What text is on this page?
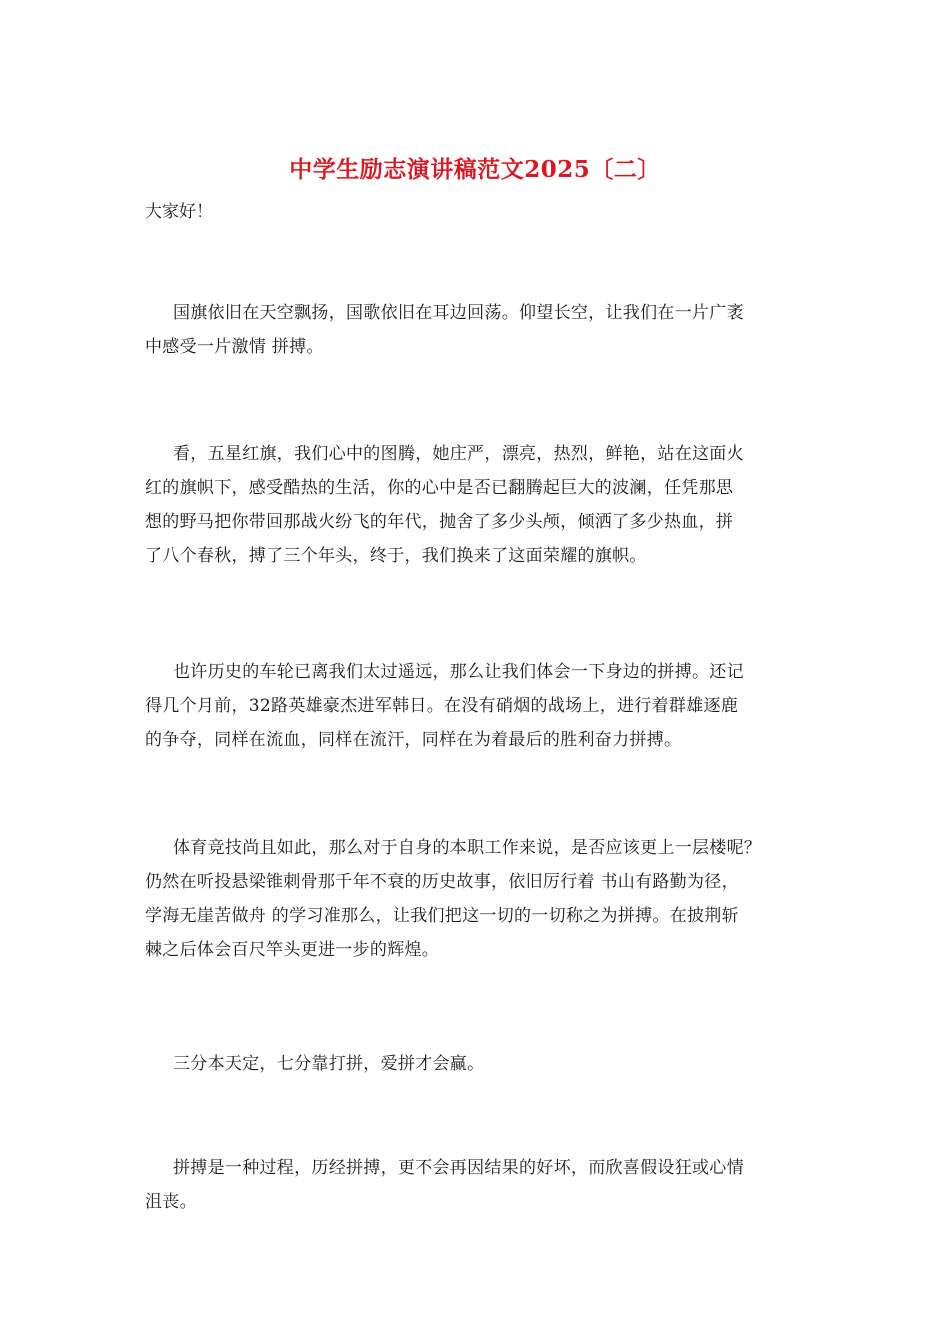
中学生励志演讲稿范文2025〔二〕
大家好！
国旗依旧在天空飘扬，国歌依旧在耳边回荡。仰望长空，让我们在一片广袤
中感受一片激情 拼搏。
看，五星红旗，我们心中的图腾，她庄严，漂亮，热烈，鲜艳，站在这面火
红的旗帜下，感受酷热的生活，你的心中是否已翻腾起巨大的波澜，任凭那思
想的野马把你带回那战火纷飞的年代，抛舍了多少头颅，倾洒了多少热血，拼
了八个春秋，搏了三个年头，终于，我们换来了这面荣耀的旗帜。
也许历史的车轮已离我们太过遥远，那么让我们体会一下身边的拼搏。还记
得几个月前，32路英雄豪杰进军韩日。在没有硝烟的战场上，进行着群雄逐鹿
的争夺，同样在流血，同样在流汗，同样在为着最后的胜利奋力拼搏。
体育竞技尚且如此，那么对于自身的本职工作来说，是否应该更上一层楼呢？
仍然在听投悬梁锥刺骨那千年不衰的历史故事，依旧厉行着 书山有路勤为径，
学海无崖苦做舟 的学习准那么，让我们把这一切的一切称之为拼搏。在披荆斩
棘之后体会百尺竿头更进一步的辉煌。
三分本天定，七分靠打拼，爱拼才会赢。
拼搏是一种过程，历经拼搏，更不会再因结果的好坏，而欣喜假设狂或心情
沮丧。
